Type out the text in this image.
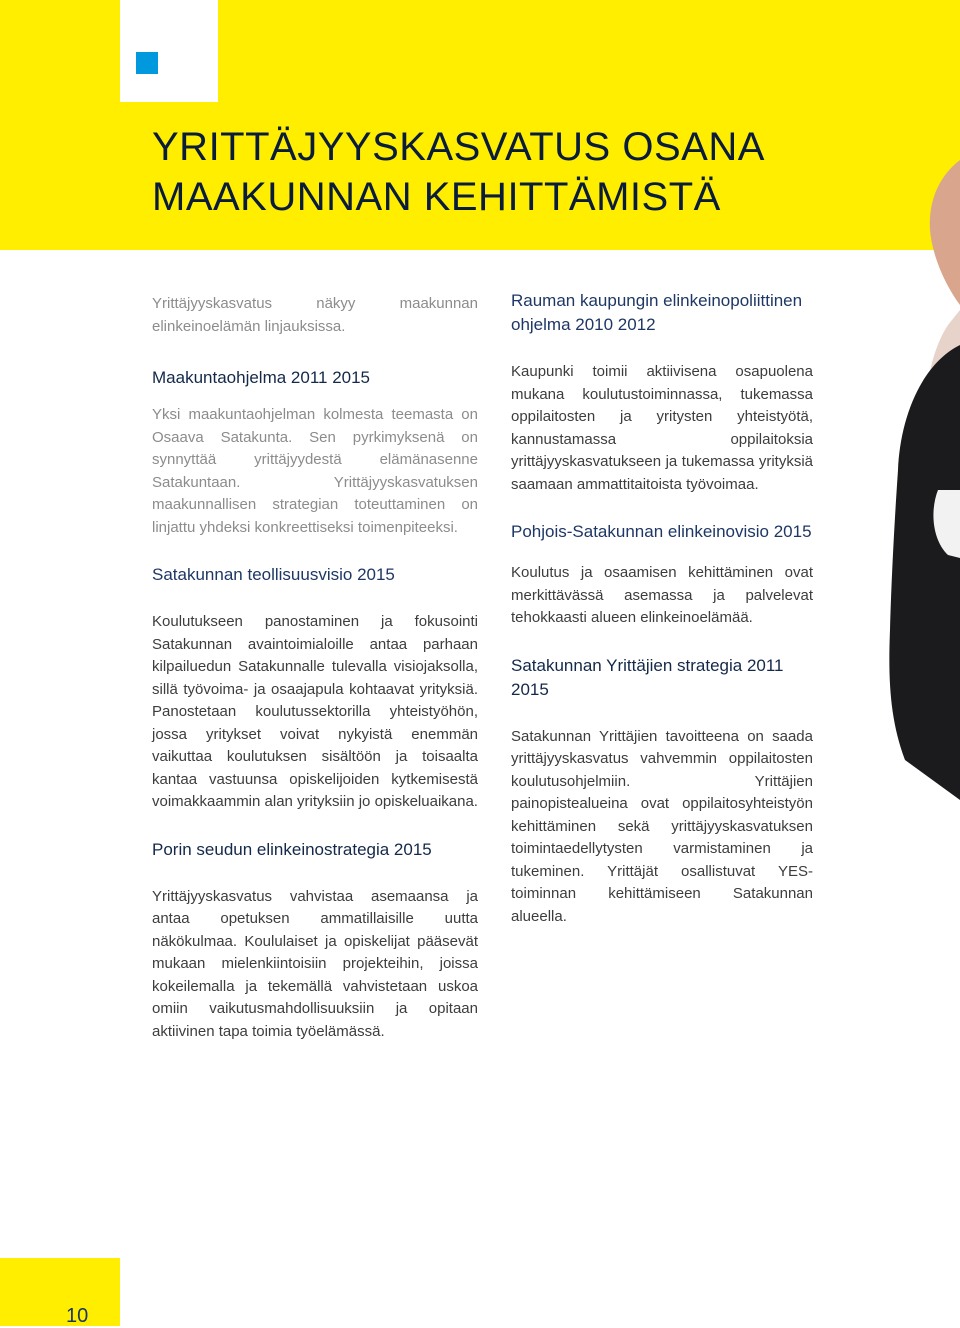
YRITTÄJYYSKASVATUS OSANA
MAAKUNNAN KEHITTÄMISTÄ

Yrittäjyyskasvatus näkyy maakunnan elinkeinoelämän linjauksissa.

Maakuntaohjelma 2011 2015

Yksi maakuntaohjelman kolmesta teemasta on Osaava Satakunta. Sen pyrkimyksenä on synnyttää yrittäjyydestä elämänasenne Satakuntaan. Yrittäjyyskasvatuksen maakunnallisen strategian toteuttaminen on linjattu yhdeksi konkreettiseksi toimenpiteeksi.

Satakunnan teollisuusvisio 2015

Koulutukseen panostaminen ja fokusointi Satakunnan avaintoimialoille antaa parhaan kilpailuedun Satakunnalle tulevalla visiojaksolla, sillä työvoima- ja osaajapula kohtaavat yrityksiä. Panostetaan koulutussektorilla yhteistyöhön, jossa yritykset voivat nykyistä enemmän vaikuttaa koulutuksen sisältöön ja toisaalta kantaa vastuunsa opiskelijoiden kytkemisestä voimakkaammin alan yrityksiin jo opiskeluaikana.

Porin seudun elinkeinostrategia 2015

Yrittäjyyskasvatus vahvistaa asemaansa ja antaa opetuksen ammatillaisille uutta näkökulmaa. Koululaiset ja opiskelijat pääsevät mukaan mielenkiintoisiin projekteihin, joissa kokeilemalla ja tekemällä vahvistetaan uskoa omiin vaikutusmahdollisuuksiin ja opitaan aktiivinen tapa toimia työelämässä.

Rauman kaupungin elinkeinopoliittinen ohjelma 2010 2012

Kaupunki toimii aktiivisena osapuolena mukana koulutustoiminnassa, tukemassa oppilaitosten ja yritysten yhteistyötä, kannustamassa oppilaitoksia yrittäjyyskasvatukseen ja tukemassa yrityksiä saamaan ammattitaitoista työvoimaa.

Pohjois-Satakunnan elinkeinovisio 2015

Koulutus ja osaamisen kehittäminen ovat merkittävässä asemassa ja palvelevat tehokkaasti alueen elinkeinoelämää.

Satakunnan Yrittäjien strategia 2011 2015

Satakunnan Yrittäjien tavoitteena on saada yrittäjyyskasvatus vahvemmin oppilaitosten koulutusohjelmiin. Yrittäjien painopistealueina ovat oppilaitosyhteistyön kehittäminen sekä yrittäjyyskasvatuksen toimintaedellytysten varmistaminen ja tukeminen. Yrittäjät osallistuvat YES-toiminnan kehittämiseen Satakunnan alueella.

10
